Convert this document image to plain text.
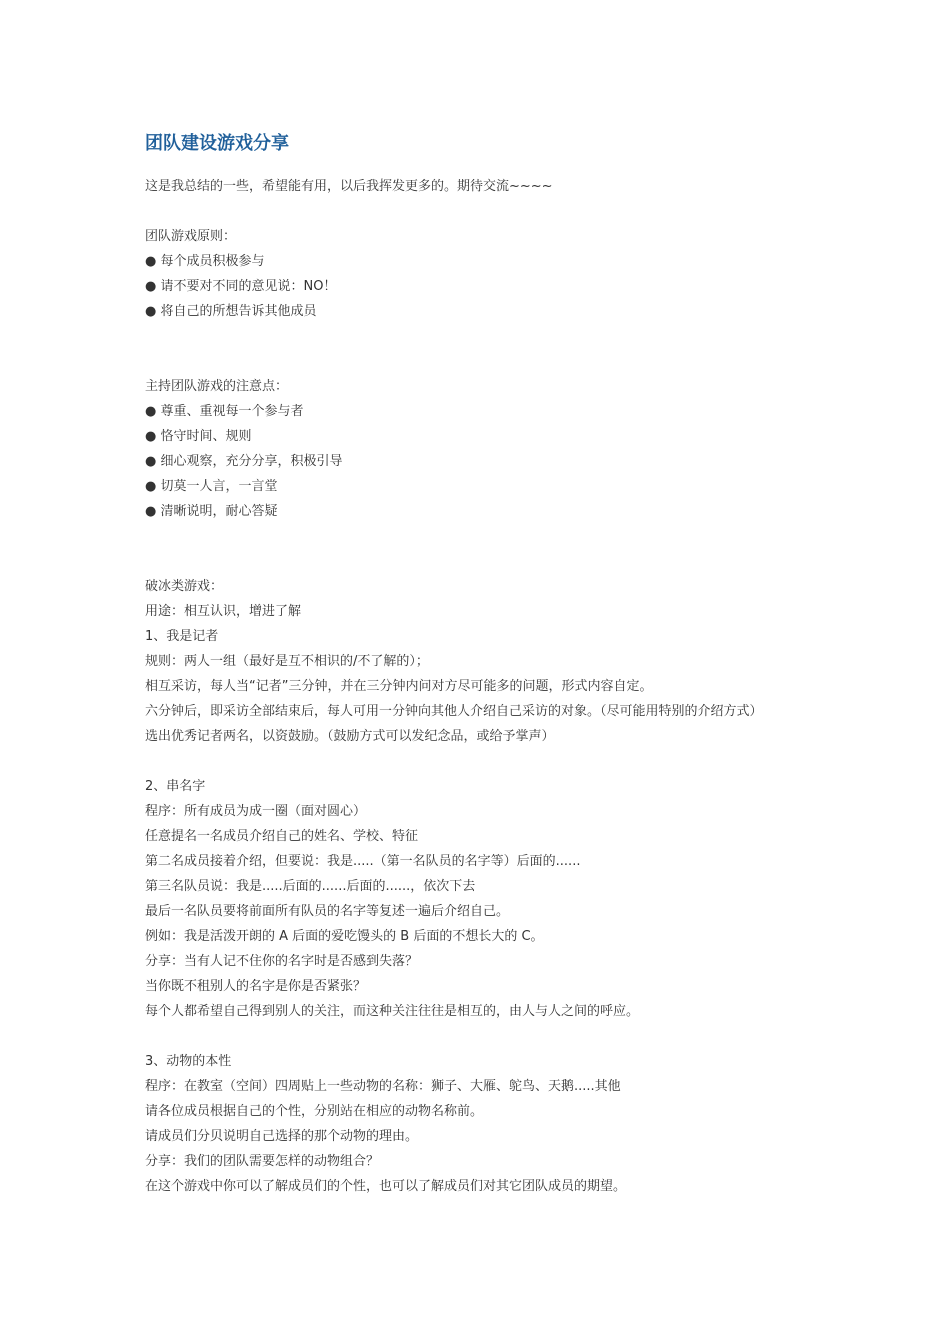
团队建设游戏分享
这是我总结的一些，希望能有用，以后我挥发更多的。期待交流~~~~
团队游戏原则：
● 每个成员积极参与
● 请不要对不同的意见说：NO！
● 将自己的所想告诉其他成员
主持团队游戏的注意点：
● 尊重、重视每一个参与者
● 恪守时间、规则
● 细心观察，充分分享，积极引导
● 切莫一人言，一言堂
● 清晰说明，耐心答疑
破冰类游戏：
用途：相互认识，增进了解
1、我是记者
规则：两人一组（最好是互不相识的/不了解的）；
相互采访，每人当“记者”三分钟，并在三分钟内问对方尽可能多的问题，形式内容自定。
六分钟后，即采访全部结束后，每人可用一分钟向其他人介绍自己采访的对象。（尽可能用特别的介绍方式）
选出优秀记者两名，以资鼓励。（鼓励方式可以发纪念品，或给予掌声）
2、串名字
程序：所有成员为成一圈（面对圆心）
任意提名一名成员介绍自己的姓名、学校、特征
第二名成员接着介绍，但要说：我是.....（第一名队员的名字等）后面的......
第三名队员说：我是.....后面的......后面的......，依次下去
最后一名队员要将前面所有队员的名字等复述一遍后介绍自己。
例如：我是活泼开朗的 A 后面的爱吃馒头的 B 后面的不想长大的 C。
分享：当有人记不住你的名字时是否感到失落？
当你既不租别人的名字是你是否紧张？
每个人都希望自己得到别人的关注，而这种关注往往是相互的，由人与人之间的呼应。
3、动物的本性
程序：在教室（空间）四周贴上一些动物的名称：狮子、大雁、鸵鸟、天鹅.....其他
请各位成员根据自己的个性，分别站在相应的动物名称前。
请成员们分贝说明自己选择的那个动物的理由。
分享：我们的团队需要怎样的动物组合？
在这个游戏中你可以了解成员们的个性，也可以了解成员们对其它团队成员的期望。
